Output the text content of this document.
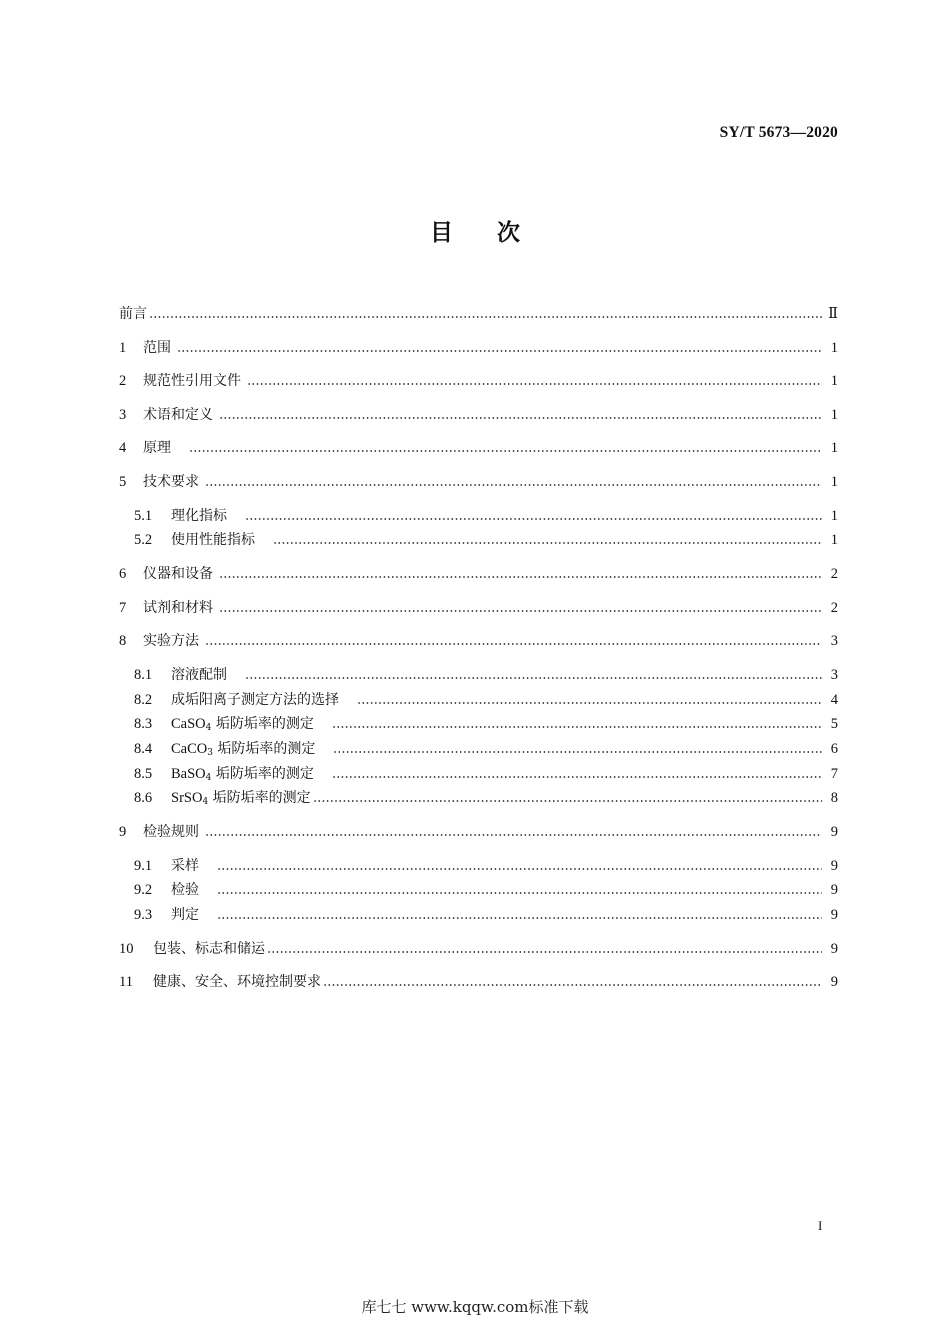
SY/T 5673—2020
目次
前言	Ⅱ
1	范围	1
2	规范性引用文件	1
3	术语和定义	1
4	原理	1
5	技术要求	1
5.1	理化指标	1
5.2	使用性能指标	1
6	仪器和设备	2
7	试剂和材料	2
8	实验方法	3
8.1	溶液配制	3
8.2	成垢阳离子测定方法的选择	4
8.3	CaSO$_4$ 垢防垢率的测定	5
8.4	CaCO$_3$ 垢防垢率的测定	6
8.5	BaSO$_4$ 垢防垢率的测定	7
8.6	SrSO$_4$ 垢防垢率的测定	8
9	检验规则	9
9.1	采样	9
9.2	检验	9
9.3	判定	9
10	包装、标志和储运	9
11	健康、安全、环境控制要求	9
I
库七七 www.kqqw.com标准下载
